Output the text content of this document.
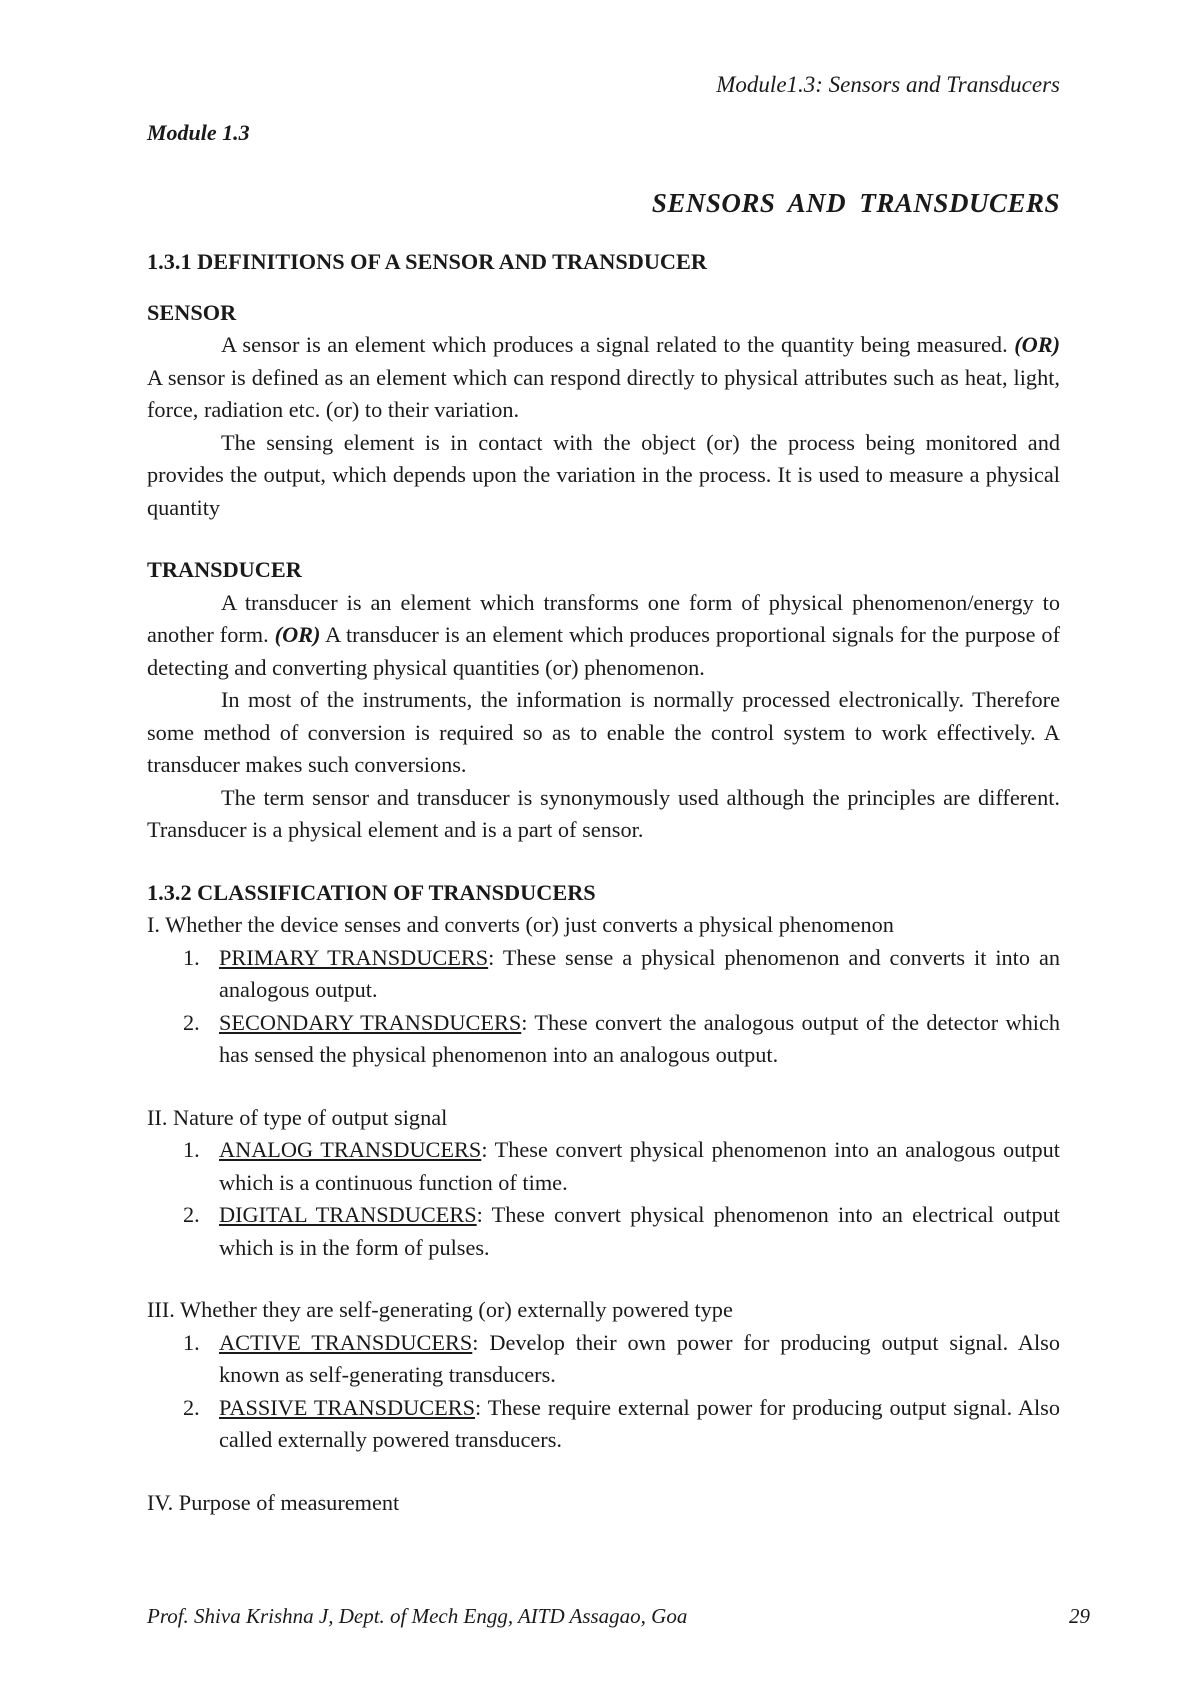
Module1.3: Sensors and Transducers

Module 1.3

SENSORS AND TRANSDUCERS

1.3.1 DEFINITIONS OF A SENSOR AND TRANSDUCER

SENSOR

A sensor is an element which produces a signal related to the quantity being measured. (OR) A sensor is defined as an element which can respond directly to physical attributes such as heat, light, force, radiation etc. (or) to their variation.

The sensing element is in contact with the object (or) the process being monitored and provides the output, which depends upon the variation in the process. It is used to measure a physical quantity

TRANSDUCER

A transducer is an element which transforms one form of physical phenomenon/energy to another form. (OR) A transducer is an element which produces proportional signals for the purpose of detecting and converting physical quantities (or) phenomenon.

In most of the instruments, the information is normally processed electronically. Therefore some method of conversion is required so as to enable the control system to work effectively. A transducer makes such conversions.

The term sensor and transducer is synonymously used although the principles are different. Transducer is a physical element and is a part of sensor.

1.3.2 CLASSIFICATION OF TRANSDUCERS

I. Whether the device senses and converts (or) just converts a physical phenomenon

1. PRIMARY TRANSDUCERS: These sense a physical phenomenon and converts it into an analogous output.
2. SECONDARY TRANSDUCERS: These convert the analogous output of the detector which has sensed the physical phenomenon into an analogous output.

II. Nature of type of output signal

1. ANALOG TRANSDUCERS: These convert physical phenomenon into an analogous output which is a continuous function of time.
2. DIGITAL TRANSDUCERS: These convert physical phenomenon into an electrical output which is in the form of pulses.

III. Whether they are self-generating (or) externally powered type

1. ACTIVE TRANSDUCERS: Develop their own power for producing output signal. Also known as self-generating transducers.
2. PASSIVE TRANSDUCERS: These require external power for producing output signal. Also called externally powered transducers.

IV. Purpose of measurement

Prof. Shiva Krishna J, Dept. of Mech Engg, AITD Assagao, Goa	29
